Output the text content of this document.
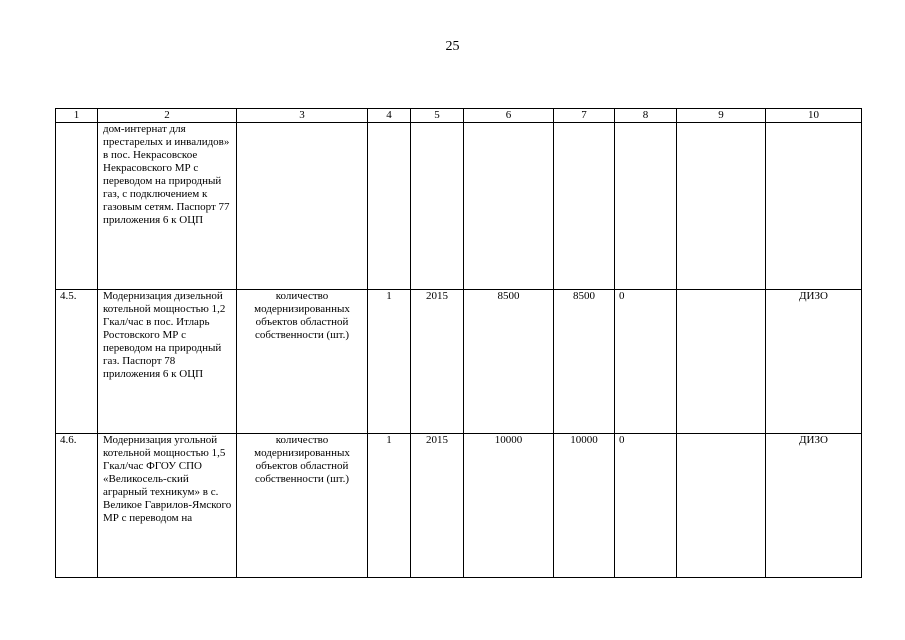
25
1	2	3	4	5	6	7	8	9	10
	дом-интернат для престарелых и инвалидов» в пос. Некрасовское Некрасовского МР с переводом на природный газ, с подключением к газовым сетям. Паспорт 77 приложения 6 к ОЦП								
4.5.	Модернизация дизельной котельной мощностью 1,2 Гкал/час в пос. Итларь Ростовского МР с переводом на природный газ. Паспорт 78 приложения 6 к ОЦП	количество модернизированных объектов областной собственности (шт.)	1	2015	8500	8500	0		ДИЗО
4.6.	Модернизация угольной котельной мощностью 1,5 Гкал/час ФГОУ СПО «Великосель-ский аграрный техникум» в с. Великое Гаврилов-Ямского МР с переводом на	количество модернизированных объектов областной собственности (шт.)	1	2015	10000	10000	0		ДИЗО
